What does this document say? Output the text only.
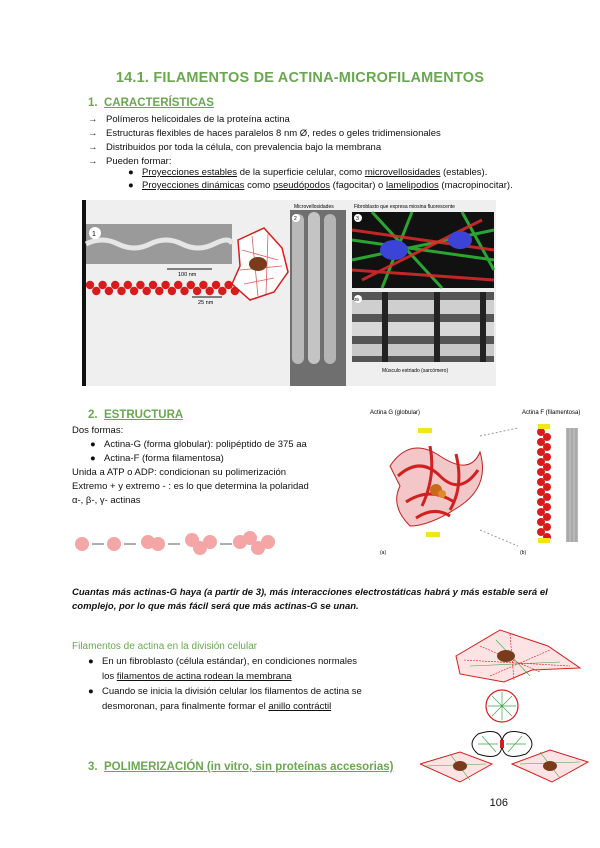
14.1. FILAMENTOS DE ACTINA-MICROFILAMENTOS
1. CARACTERÍSTICAS
→ Polímeros helicoidales de la proteína actina
→ Estructuras flexibles de haces paralelos 8 nm Ø, redes o geles tridimensionales
→ Distribuidos por toda la célula, con prevalencia bajo la membrana
→ Pueden formar:
● Proyecciones estables de la superficie celular, como microvellosidades (estables).
● Proyecciones dinámicas como pseudópodos (fagocitar) o lamelipodios (macropinocitar).
1
100 nm
25 nm
Microvellosidades
2
Fibroblasto que expresa miosina fluorescente
3
3b
Músculo estriado (sarcómero)
2. ESTRUCTURA
Dos formas:
● Actina-G (forma globular): polipéptido de 375 aa
● Actina-F (forma filamentosa)
Unida a ATP o ADP: condicionan su polimerización
Extremo + y extremo - : es lo que determina la polaridad
α-, β-, γ- actinas
Actina G (globular)	Actina F (filamentosa)
(a)	(b)
Cuantas más actinas-G haya (a partir de 3), más interacciones electrostáticas habrá y más estable será el complejo, por lo que más fácil será que más actinas-G se unan.
Filamentos de actina en la división celular
● En un fibroblasto (célula estándar), en condiciones normales
los filamentos de actina rodean la membrana
● Cuando se inicia la división celular los filamentos de actina se
desmoronan, para finalmente formar el anillo contráctil
3. POLIMERIZACIÓN (in vitro, sin proteínas accesorias)
106
